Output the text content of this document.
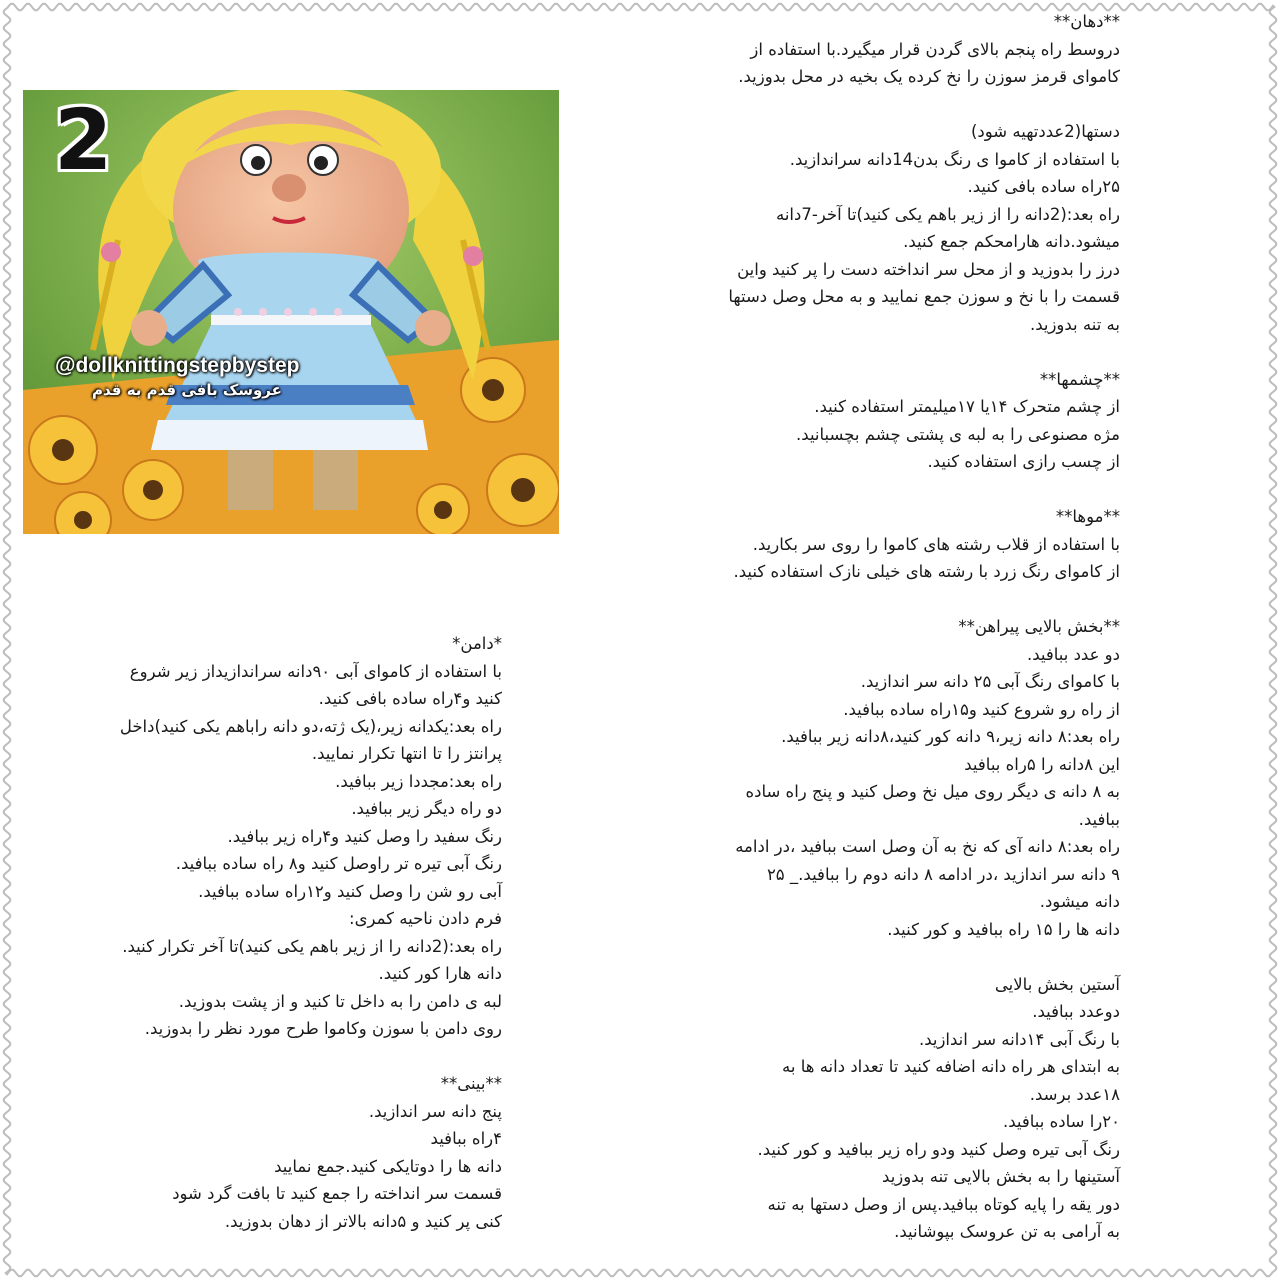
2
@dollknittingstepbystep
عروسک بافی قدم به قدم
**دهان**
دروسط راه پنجم بالای گردن قرار میگیرد.با استفاده از
کاموای قرمز سوزن را نخ کرده یک بخیه در محل بدوزید.
دستها(2عددتهیه شود)
با استفاده از کاموا ی رنگ بدن14دانه سراندازید.
۲۵راه ساده بافی کنید.
راه بعد:(2دانه را از زیر باهم یکی کنید)تا آخر-7دانه
میشود.دانه هارامحکم جمع کنید.
درز را بدوزید و از محل سر انداخته دست را پر کنید واین
قسمت را با نخ و سوزن جمع نمایید و به محل وصل دستها
به تنه بدوزید.
**چشمها**
از چشم متحرک ۱۴یا ۱۷میلیمتر استفاده کنید.
مژه مصنوعی را به لبه ی پشتی چشم بچسبانید.
از چسب رازی استفاده کنید.
**موها**
با استفاده از قلاب رشته های کاموا را روی سر بکارید.
از کاموای رنگ زرد با رشته های خیلی نازک استفاده کنید.
**بخش بالایی پیراهن**
دو عدد ببافید.
با کاموای رنگ آبی ۲۵ دانه سر اندازید.
از راه رو شروع کنید و۱۵راه ساده ببافید.
راه بعد:۸ دانه زیر،۹ دانه کور کنید،۸دانه زیر ببافید.
این ۸دانه را ۵راه ببافید
به ۸ دانه ی دیگر روی میل نخ وصل کنید و پنج راه ساده
ببافید.
راه بعد:۸ دانه آی که نخ به آن وصل است ببافید ،در ادامه
۹ دانه سر اندازید ،در ادامه ۸ دانه دوم را ببافید._ ۲۵
دانه میشود.
دانه ها را ۱۵ راه ببافید و کور کنید.
آستین بخش بالایی
دوعدد ببافید.
با رنگ آبی ۱۴دانه سر اندازید.
به ابتدای هر راه دانه اضافه کنید تا تعداد دانه ها به
۱۸عدد برسد.
۲۰را ساده ببافید.
رنگ آبی تیره وصل کنید ودو راه زیر ببافید و کور کنید.
آستینها را به بخش بالایی تنه بدوزید
دور یقه را پایه کوتاه ببافید.پس از وصل دستها به تنه
به آرامی به تن عروسک بپوشانید.
*دامن*
با استفاده از کاموای آبی ۹۰دانه سراندازیداز زیر شروع
کنید و۴راه ساده بافی کنید.
راه بعد:یکدانه زیر،(یک ژته،دو دانه راباهم یکی کنید)داخل
پرانتز را تا انتها تکرار نمایید.
راه بعد:مجددا زیر ببافید.
دو راه دیگر زیر ببافید.
رنگ سفید را وصل کنید و۴راه زیر ببافید.
رنگ آبی تیره تر راوصل کنید و۸ راه ساده ببافید.
آبی رو شن را وصل کنید و۱۲راه ساده ببافید.
فرم دادن ناحیه کمری:
راه بعد:(2دانه را از زیر باهم یکی کنید)تا آخر تکرار کنید.
دانه هارا کور کنید.
لبه ی دامن را به داخل تا کنید و از پشت بدوزید.
روی دامن با سوزن وکاموا طرح مورد نظر را بدوزید.
**بینی**
پنج دانه سر اندازید.
۴راه ببافید
دانه ها را دوتایکی کنید.جمع نمایید
قسمت سر انداخته را جمع کنید تا بافت گرد شود
کنی پر کنید و ۵دانه بالاتر از دهان بدوزید.
